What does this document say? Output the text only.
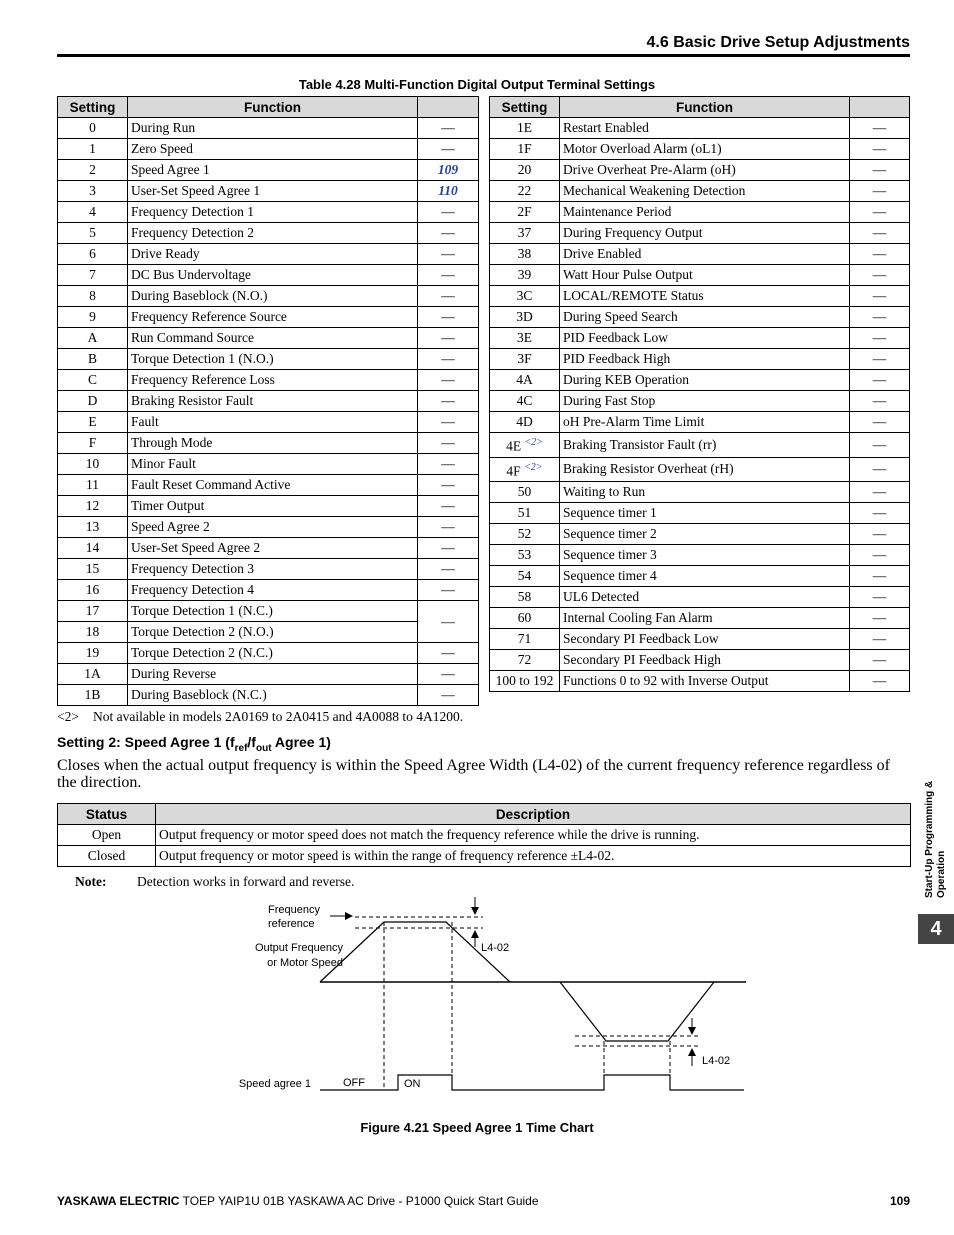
4.6 Basic Drive Setup Adjustments
Table 4.28 Multi-Function Digital Output Terminal Settings
Setting	Function	
0	During Run	—
1	Zero Speed	—
2	Speed Agree 1	109
3	User-Set Speed Agree 1	110
4	Frequency Detection 1	—
5	Frequency Detection 2	—
6	Drive Ready	—
7	DC Bus Undervoltage	—
8	During Baseblock (N.O.)	—
9	Frequency Reference Source	—
A	Run Command Source	—
B	Torque Detection 1 (N.O.)	—
C	Frequency Reference Loss	—
D	Braking Resistor Fault	—
E	Fault	—
F	Through Mode	—
10	Minor Fault	—
11	Fault Reset Command Active	—
12	Timer Output	—
13	Speed Agree 2	—
14	User-Set Speed Agree 2	—
15	Frequency Detection 3	—
16	Frequency Detection 4	—
17	Torque Detection 1 (N.C.)	—
18	Torque Detection 2 (N.O.)	
19	Torque Detection 2 (N.C.)	—
1A	During Reverse	—
1B	During Baseblock (N.C.)	—
Setting	Function	
1E	Restart Enabled	—
1F	Motor Overload Alarm (oL1)	—
20	Drive Overheat Pre-Alarm (oH)	—
22	Mechanical Weakening Detection	—
2F	Maintenance Period	—
37	During Frequency Output	—
38	Drive Enabled	—
39	Watt Hour Pulse Output	—
3C	LOCAL/REMOTE Status	—
3D	During Speed Search	—
3E	PID Feedback Low	—
3F	PID Feedback High	—
4A	During KEB Operation	—
4C	During Fast Stop	—
4D	oH Pre-Alarm Time Limit	—
4E $^{<2>}$	Braking Transistor Fault (rr)	—
4F $^{<2>}$	Braking Resistor Overheat (rH)	—
50	Waiting to Run	—
51	Sequence timer 1	—
52	Sequence timer 2	—
53	Sequence timer 3	—
54	Sequence timer 4	—
58	UL6 Detected	—
60	Internal Cooling Fan Alarm	—
71	Secondary PI Feedback Low	—
72	Secondary PI Feedback High	—
100 to 192	Functions 0 to 92 with Inverse Output	—
<2> Not available in models 2A0169 to 2A0415 and 4A0088 to 4A1200.
Setting 2: Speed Agree 1 ($f_{ref}/f_{out}$ Agree 1)
Closes when the actual output frequency is within the Speed Agree Width (L4-02) of the current frequency reference regardless of the direction.
Status	Description
Open	Output frequency or motor speed does not match the frequency reference while the drive is running.
Closed	Output frequency or motor speed is within the range of frequency reference ±L4-02.
Note: Detection works in forward and reverse.
Frequency
reference
Output Frequency
or Motor Speed
L4-02
L4-02
Speed agree 1	OFF	ON
Figure 4.21 Speed Agree 1 Time Chart
YASKAWA ELECTRIC TOEP YAIP1U 01B YASKAWA AC Drive - P1000 Quick Start Guide	109
Start-Up Programming & Operation
4
